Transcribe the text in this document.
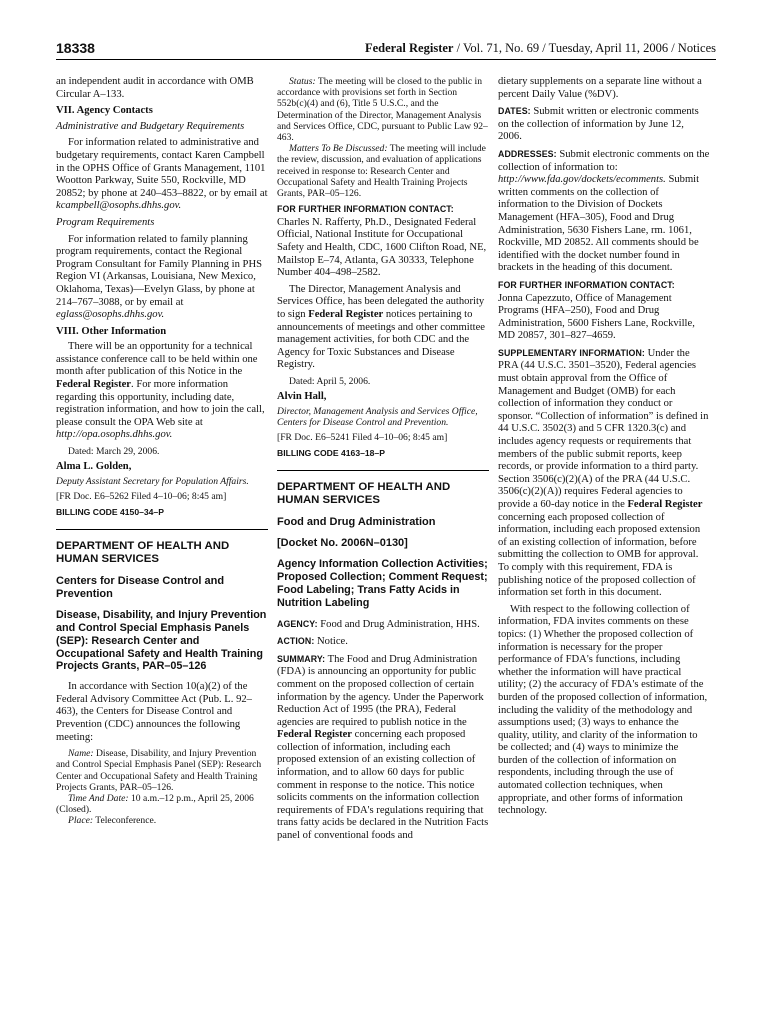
18338	Federal Register / Vol. 71, No. 69 / Tuesday, April 11, 2006 / Notices

an independent audit in accordance with OMB Circular A–133.

VII. Agency Contacts

Administrative and Budgetary Requirements

For information related to administrative and budgetary requirements, contact Karen Campbell in the OPHS Office of Grants Management, 1101 Wootton Parkway, Suite 550, Rockville, MD 20852; by phone at 240–453–8822, or by email at kcampbell@osophs.dhhs.gov.

Program Requirements

For information related to family planning program requirements, contact the Regional Program Consultant for Family Planning in PHS Region VI (Arkansas, Louisiana, New Mexico, Oklahoma, Texas)—Evelyn Glass, by phone at 214–767–3088, or by email at eglass@osophs.dhhs.gov.

VIII. Other Information

There will be an opportunity for a technical assistance conference call to be held within one month after publication of this Notice in the Federal Register. For more information regarding this opportunity, including date, registration information, and how to join the call, please consult the OPA Web site at http://opa.osophs.dhhs.gov.

Dated: March 29, 2006.

Alma L. Golden,

Deputy Assistant Secretary for Population Affairs.

[FR Doc. E6–5262 Filed 4–10–06; 8:45 am]

BILLING CODE 4150–34–P

DEPARTMENT OF HEALTH AND HUMAN SERVICES

Centers for Disease Control and Prevention

Disease, Disability, and Injury Prevention and Control Special Emphasis Panels (SEP): Research Center and Occupational Safety and Health Training Projects Grants, PAR–05–126

In accordance with Section 10(a)(2) of the Federal Advisory Committee Act (Pub. L. 92–463), the Centers for Disease Control and Prevention (CDC) announces the following meeting:

Name: Disease, Disability, and Injury Prevention and Control Special Emphasis Panel (SEP): Research Center and Occupational Safety and Health Training Projects Grants, PAR–05–126.

Time And Date: 10 a.m.–12 p.m., April 25, 2006 (Closed).

Place: Teleconference.

Status: The meeting will be closed to the public in accordance with provisions set forth in Section 552b(c)(4) and (6), Title 5 U.S.C., and the Determination of the Director, Management Analysis and Services Office, CDC, pursuant to Public Law 92–463.

Matters To Be Discussed: The meeting will include the review, discussion, and evaluation of applications received in response to: Research Center and Occupational Safety and Health Training Projects Grants, PAR–05–126.

FOR FURTHER INFORMATION CONTACT:

Charles N. Rafferty, Ph.D., Designated Federal Official, National Institute for Occupational Safety and Health, CDC, 1600 Clifton Road, NE, Mailstop E–74, Atlanta, GA 30333, Telephone Number 404–498–2582.

The Director, Management Analysis and Services Office, has been delegated the authority to sign Federal Register notices pertaining to announcements of meetings and other committee management activities, for both CDC and the Agency for Toxic Substances and Disease Registry.

Dated: April 5, 2006.

Alvin Hall,

Director, Management Analysis and Services Office, Centers for Disease Control and Prevention.

[FR Doc. E6–5241 Filed 4–10–06; 8:45 am]

BILLING CODE 4163–18–P

DEPARTMENT OF HEALTH AND HUMAN SERVICES

Food and Drug Administration

[Docket No. 2006N–0130]

Agency Information Collection Activities; Proposed Collection; Comment Request; Food Labeling; Trans Fatty Acids in Nutrition Labeling

AGENCY: Food and Drug Administration, HHS.

ACTION: Notice.

SUMMARY: The Food and Drug Administration (FDA) is announcing an opportunity for public comment on the proposed collection of certain information by the agency. Under the Paperwork Reduction Act of 1995 (the PRA), Federal agencies are required to publish notice in the Federal Register concerning each proposed collection of information, including each proposed extension of an existing collection of information, and to allow 60 days for public comment in response to the notice. This notice solicits comments on the information collection requirements of FDA's regulations requiring that trans fatty acids be declared in the Nutrition Facts panel of conventional foods and

dietary supplements on a separate line without a percent Daily Value (%DV).

DATES: Submit written or electronic comments on the collection of information by June 12, 2006.

ADDRESSES: Submit electronic comments on the collection of information to: http://www.fda.gov/dockets/ecomments. Submit written comments on the collection of information to the Division of Dockets Management (HFA–305), Food and Drug Administration, 5630 Fishers Lane, rm. 1061, Rockville, MD 20852. All comments should be identified with the docket number found in brackets in the heading of this document.

FOR FURTHER INFORMATION CONTACT:

Jonna Capezzuto, Office of Management Programs (HFA–250), Food and Drug Administration, 5600 Fishers Lane, Rockville, MD 20857, 301–827–4659.

SUPPLEMENTARY INFORMATION: Under the PRA (44 U.S.C. 3501–3520), Federal agencies must obtain approval from the Office of Management and Budget (OMB) for each collection of information they conduct or sponsor. “Collection of information” is defined in 44 U.S.C. 3502(3) and 5 CFR 1320.3(c) and includes agency requests or requirements that members of the public submit reports, keep records, or provide information to a third party. Section 3506(c)(2)(A) of the PRA (44 U.S.C. 3506(c)(2)(A)) requires Federal agencies to provide a 60-day notice in the Federal Register concerning each proposed collection of information, including each proposed extension of an existing collection of information, before submitting the collection to OMB for approval. To comply with this requirement, FDA is publishing notice of the proposed collection of information set forth in this document.

With respect to the following collection of information, FDA invites comments on these topics: (1) Whether the proposed collection of information is necessary for the proper performance of FDA's functions, including whether the information will have practical utility; (2) the accuracy of FDA's estimate of the burden of the proposed collection of information, including the validity of the methodology and assumptions used; (3) ways to enhance the quality, utility, and clarity of the information to be collected; and (4) ways to minimize the burden of the collection of information on respondents, including through the use of automated collection techniques, when appropriate, and other forms of information technology.
